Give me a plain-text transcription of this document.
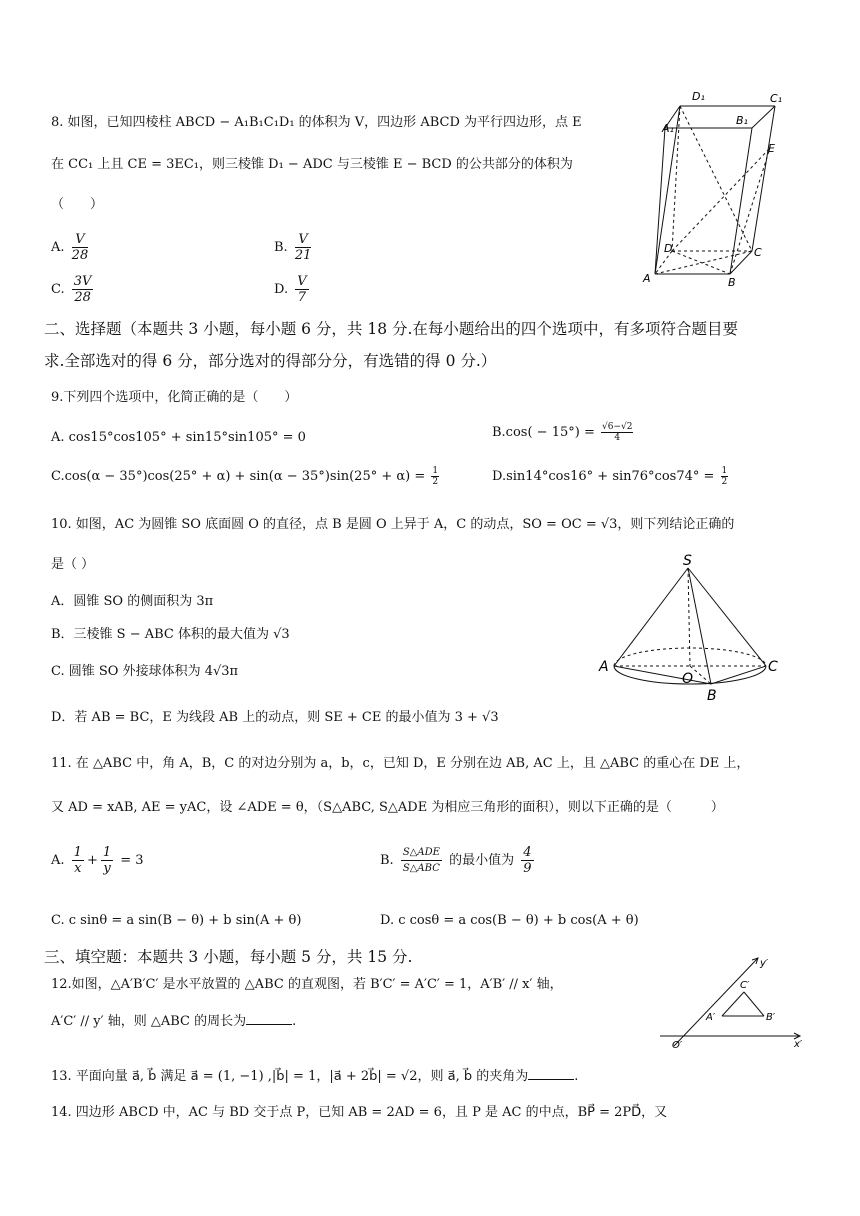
8. 如图，已知四棱柱 ABCD − A₁B₁C₁D₁ 的体积为 V，四边形 ABCD 为平行四边形，点 E
在 CC₁ 上且 CE = 3EC₁，则三棱锥 D₁ − ADC 与三棱锥 E − BCD 的公共部分的体积为
（　　）
A. $\frac{V}{28}$	B. $\frac{V}{21}$
C. $\frac{3V}{28}$	D. $\frac{V}{7}$
D₁	C₁
A₁
B₁
E
D	C
A	B
二、选择题（本题共 3 小题，每小题 6 分，共 18 分.在每小题给出的四个选项中，有多项符合题目要
求.全部选对的得 6 分，部分选对的得部分分，有选错的得 0 分.）
9.下列四个选项中，化简正确的是（　　）
A. cos15°cos105° + sin15°sin105° = 0	$B.\cos( - 15^\circ) = \frac{√6-√2}{4}$
$C.\cos(\alpha - 35^\circ)\cos(25^\circ + \alpha) + \sin(\alpha - 35^\circ)\sin(25^\circ + \alpha) = \frac{1}{2}$	$D.\sin 14^\circ\cos 16^\circ + \sin 76^\circ\cos 74^\circ = \frac{1}{2}$
10. 如图，AC 为圆锥 SO 底面圆 O 的直径，点 B 是圆 O 上异于 A，C 的动点，SO = OC = √3，则下列结论正确的
是（ ）
A．圆锥 SO 的侧面积为 3π
B．三棱锥 S − ABC 体积的最大值为 √3
C. 圆锥 SO 外接球体积为 4√3π
D．若 AB = BC，E 为线段 AB 上的动点，则 SE + CE 的最小值为 3 + √3
S
A
O
C
B
11. 在 △ABC 中，角 A，B，C 的对边分别为 a，b，c，已知 D，E 分别在边 AB, AC 上，且 △ABC 的重心在 DE 上，
又 AD = xAB, AE = yAC，设 ∠ADE = θ，（S△ABC, S△ADE 为相应三角形的面积），则以下正确的是（　　　）
A. $\frac{1}{x} + \frac{1}{y} = 3$	B. $\frac{\text{S△ADE}}{\text{S△ABC}}$ 的最小值为 $\frac{4}{9}$
C. c sinθ = a sin(B − θ) + b sin(A + θ)	D. c cosθ = a cos(B − θ) + b cos(A + θ)
三、填空题：本题共 3 小题，每小题 5 分，共 15 分.
12.如图，△A′B′C′ 是水平放置的 △ABC 的直观图，若 B′C′ = A′C′ = 1，A′B′ // x′ 轴，
A′C′ // y′ 轴，则 △ABC 的周长为	.
y′
C′
A′	B′
O′	x′
13. 平面向量 a⃗, b⃗ 满足 a⃗ = (1, −1) ,|b⃗| = 1，|a⃗ + 2b⃗| = √2，则 a⃗, b⃗ 的夹角为	.
14. 四边形 ABCD 中，AC 与 BD 交于点 P，已知 AB = 2AD = 6，且 P 是 AC 的中点，BP⃗ = 2PD⃗，又
